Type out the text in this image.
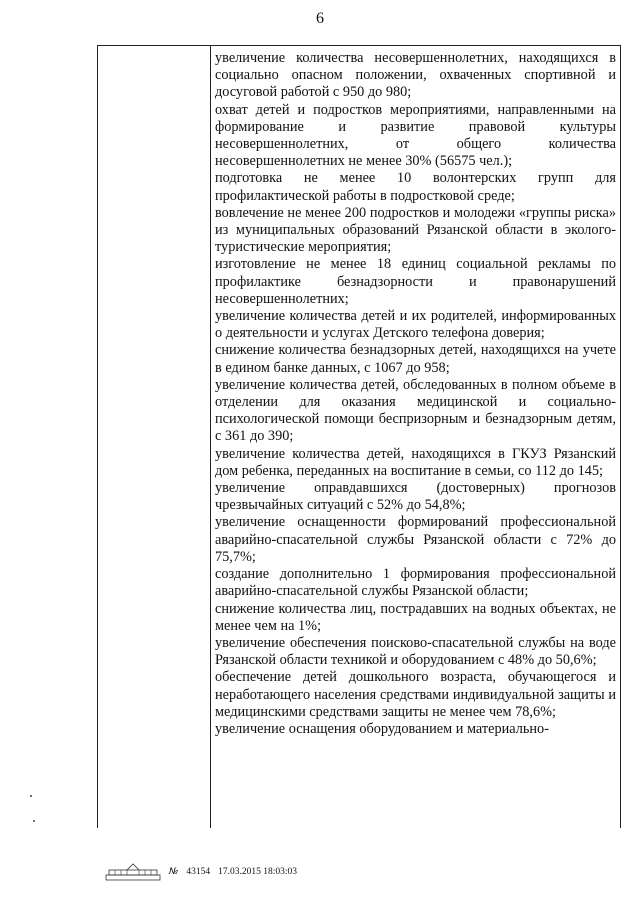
6
увеличение количества несовершеннолетних, находящихся в социально опасном положении, охваченных спортивной и досуговой работой с 950 до 980;
охват детей и подростков мероприятиями, направленными на формирование и развитие правовой культуры несовершеннолетних, от общего количества несовершеннолетних не менее 30% (56575 чел.);
подготовка не менее 10 волонтерских групп для профилактической работы в подростковой среде;
вовлечение не менее 200 подростков и молодежи «группы риска» из муниципальных образований Рязанской области в эколого-туристические мероприятия;
изготовление не менее 18 единиц социальной рекламы по профилактике безнадзорности и правонарушений несовершеннолетних;
увеличение количества детей и их родителей, информированных о деятельности и услугах Детского телефона доверия;
снижение количества безнадзорных детей, находящихся на учете в едином банке данных, с 1067 до 958;
увеличение количества детей, обследованных в полном объеме в отделении для оказания медицинской и социально-психологической помощи беспризорным и безнадзорным детям, с 361 до 390;
увеличение количества детей, находящихся в ГКУЗ Рязанский дом ребенка, переданных на воспитание в семьи, со 112 до 145;
увеличение оправдавшихся (достоверных) прогнозов чрезвычайных ситуаций с 52% до 54,8%;
увеличение оснащенности формирований профессиональной аварийно-спасательной службы Рязанской области с 72% до 75,7%;
создание дополнительно 1 формирования профессиональной аварийно-спасательной службы Рязанской области;
снижение количества лиц, пострадавших на водных объектах, не менее чем на 1%;
увеличение обеспечения поисково-спасательной службы на воде Рязанской области техникой и оборудованием с 48% до 50,6%;
обеспечение детей дошкольного возраста, обучающегося и неработающего населения средствами индивидуальной защиты и медицинскими средствами защиты не менее чем 78,6%;
увеличение оснащения оборудованием и материально-
№ 43154 17.03.2015 18:03:03
